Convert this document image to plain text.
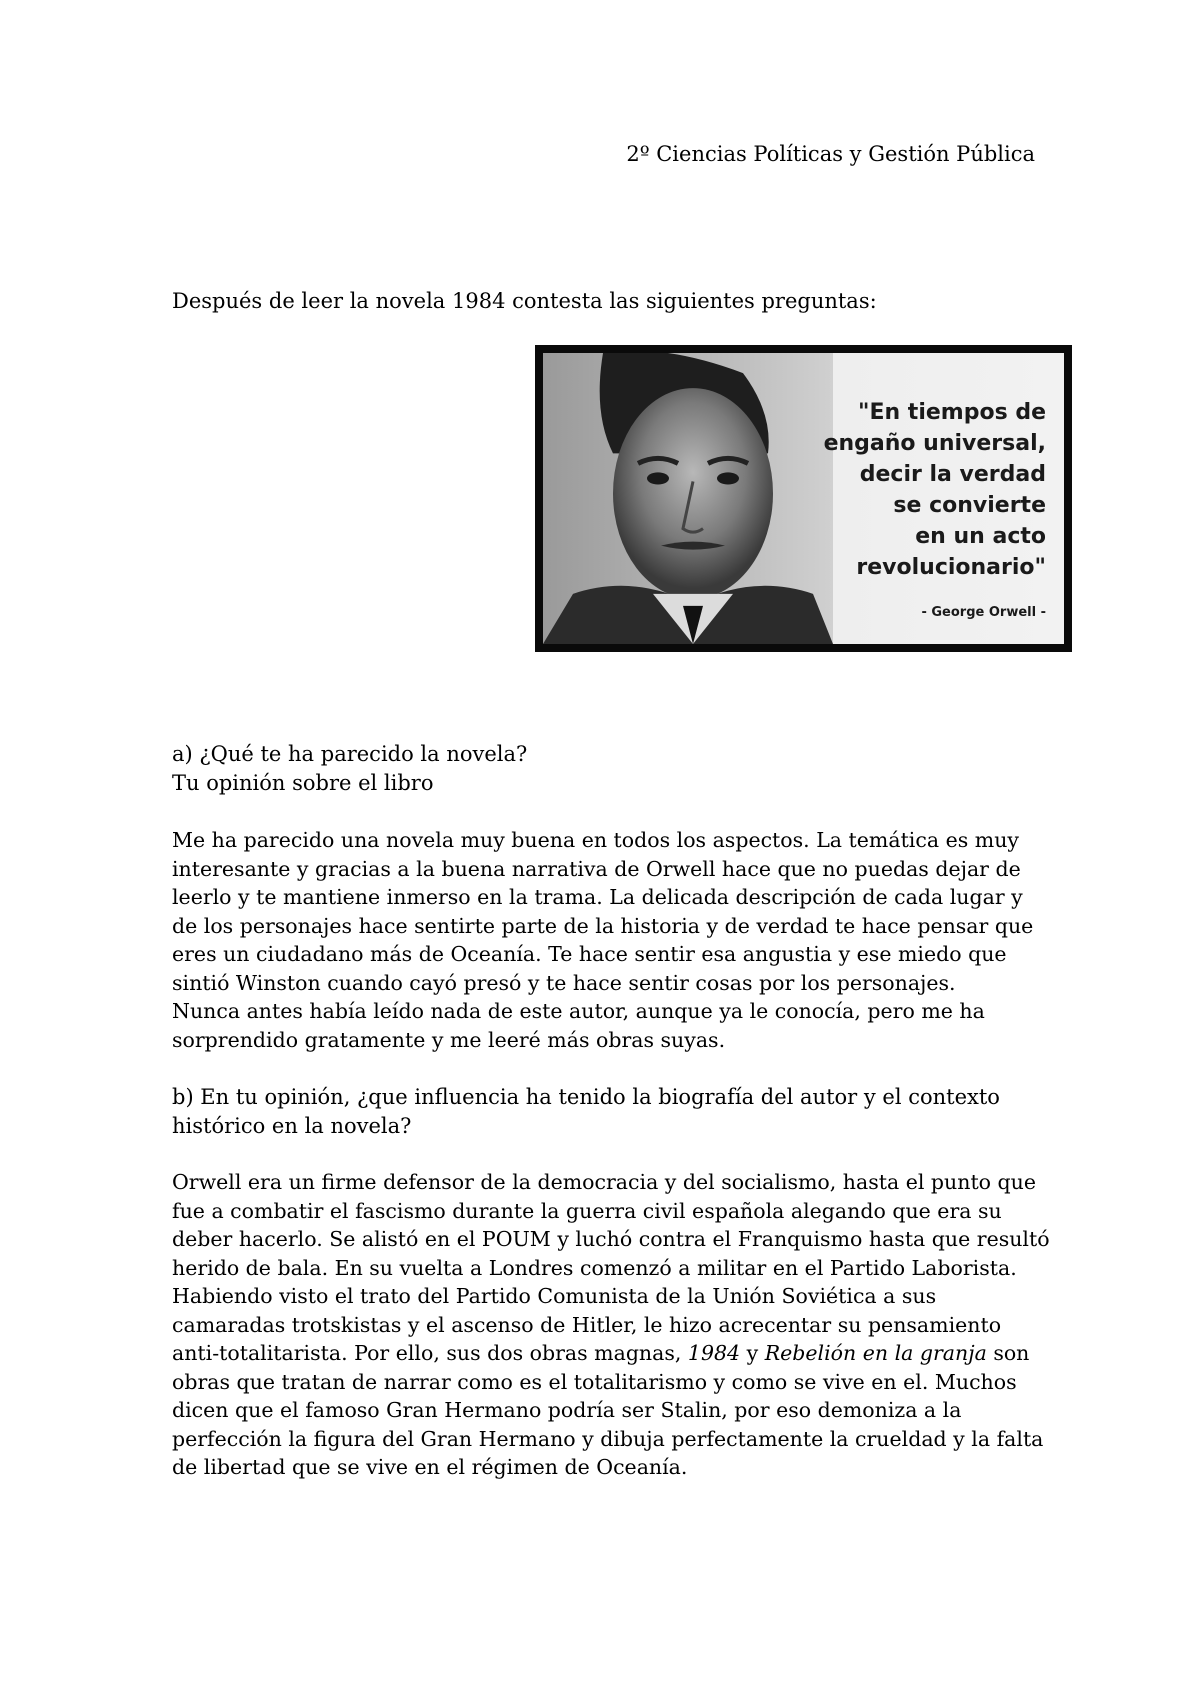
2º Ciencias Políticas y Gestión Pública
Después de leer la novela 1984 contesta las siguientes preguntas:
"En tiempos de
engaño universal,
decir la verdad
se convierte
en un acto
revolucionario"
- George Orwell -
a) ¿Qué te ha parecido la novela?
Tu opinión sobre el libro
Me ha parecido una novela muy buena en todos los aspectos. La temática es muy
interesante y gracias a la buena narrativa de Orwell hace que no puedas dejar de
leerlo y te mantiene inmerso en la trama. La delicada descripción de cada lugar y
de los personajes hace sentirte parte de la historia y de verdad te hace pensar que
eres un ciudadano más de Oceanía. Te hace sentir esa angustia y ese miedo que
sintió Winston cuando cayó presó y te hace sentir cosas por los personajes.
Nunca antes había leído nada de este autor, aunque ya le conocía, pero me ha
sorprendido gratamente y me leeré más obras suyas.
b) En tu opinión, ¿que influencia ha tenido la biografía del autor y el contexto
histórico en la novela?
Orwell era un firme defensor de la democracia y del socialismo, hasta el punto que
fue a combatir el fascismo durante la guerra civil española alegando que era su
deber hacerlo. Se alistó en el POUM y luchó contra el Franquismo hasta que resultó
herido de bala. En su vuelta a Londres comenzó a militar en el Partido Laborista.
Habiendo visto el trato del Partido Comunista de la Unión Soviética a sus
camaradas trotskistas y el ascenso de Hitler, le hizo acrecentar su pensamiento
anti-totalitarista. Por ello, sus dos obras magnas, 1984 y Rebelión en la granja son
obras que tratan de narrar como es el totalitarismo y como se vive en el. Muchos
dicen que el famoso Gran Hermano podría ser Stalin, por eso demoniza a la
perfección la figura del Gran Hermano y dibuja perfectamente la crueldad y la falta
de libertad que se vive en el régimen de Oceanía.
